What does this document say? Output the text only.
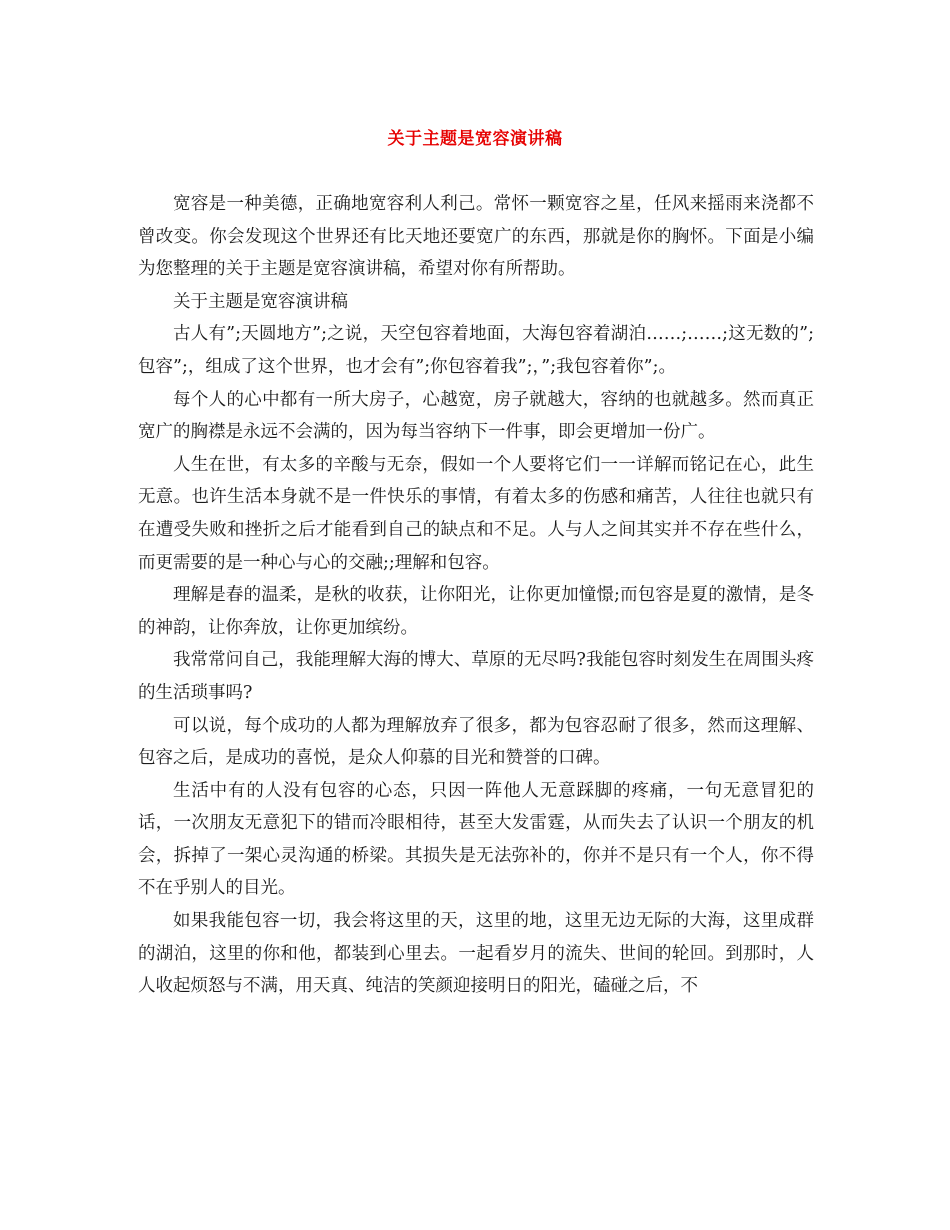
关于主题是宽容演讲稿

宽容是一种美德，正确地宽容利人利己。常怀一颗宽容之星，任风来摇雨来浇都不曾改变。你会发现这个世界还有比天地还要宽广的东西，那就是你的胸怀。下面是小编为您整理的关于主题是宽容演讲稿，希望对你有所帮助。

关于主题是宽容演讲稿

古人有”;天圆地方”;之说，天空包容着地面，大海包容着湖泊……;……;这无数的”;包容”;，组成了这个世界，也才会有”;你包容着我”;，”;我包容着你”;。

每个人的心中都有一所大房子，心越宽，房子就越大，容纳的也就越多。然而真正宽广的胸襟是永远不会满的，因为每当容纳下一件事，即会更增加一份广。

人生在世，有太多的辛酸与无奈，假如一个人要将它们一一详解而铭记在心，此生无意。也许生活本身就不是一件快乐的事情，有着太多的伤感和痛苦，人往往也就只有在遭受失败和挫折之后才能看到自己的缺点和不足。人与人之间其实并不存在些什么，而更需要的是一种心与心的交融;;理解和包容。

理解是春的温柔，是秋的收获，让你阳光，让你更加憧憬;而包容是夏的激情，是冬的神韵，让你奔放，让你更加缤纷。

我常常问自己，我能理解大海的博大、草原的无尽吗?我能包容时刻发生在周围头疼的生活琐事吗?

可以说，每个成功的人都为理解放弃了很多，都为包容忍耐了很多，然而这理解、包容之后，是成功的喜悦，是众人仰慕的目光和赞誉的口碑。

生活中有的人没有包容的心态，只因一阵他人无意踩脚的疼痛，一句无意冒犯的话，一次朋友无意犯下的错而冷眼相待，甚至大发雷霆，从而失去了认识一个朋友的机会，拆掉了一架心灵沟通的桥梁。其损失是无法弥补的，你并不是只有一个人，你不得不在乎别人的目光。

如果我能包容一切，我会将这里的天，这里的地，这里无边无际的大海，这里成群的湖泊，这里的你和他，都装到心里去。一起看岁月的流失、世间的轮回。到那时，人人收起烦怒与不满，用天真、纯洁的笑颜迎接明日的阳光，磕碰之后，不
